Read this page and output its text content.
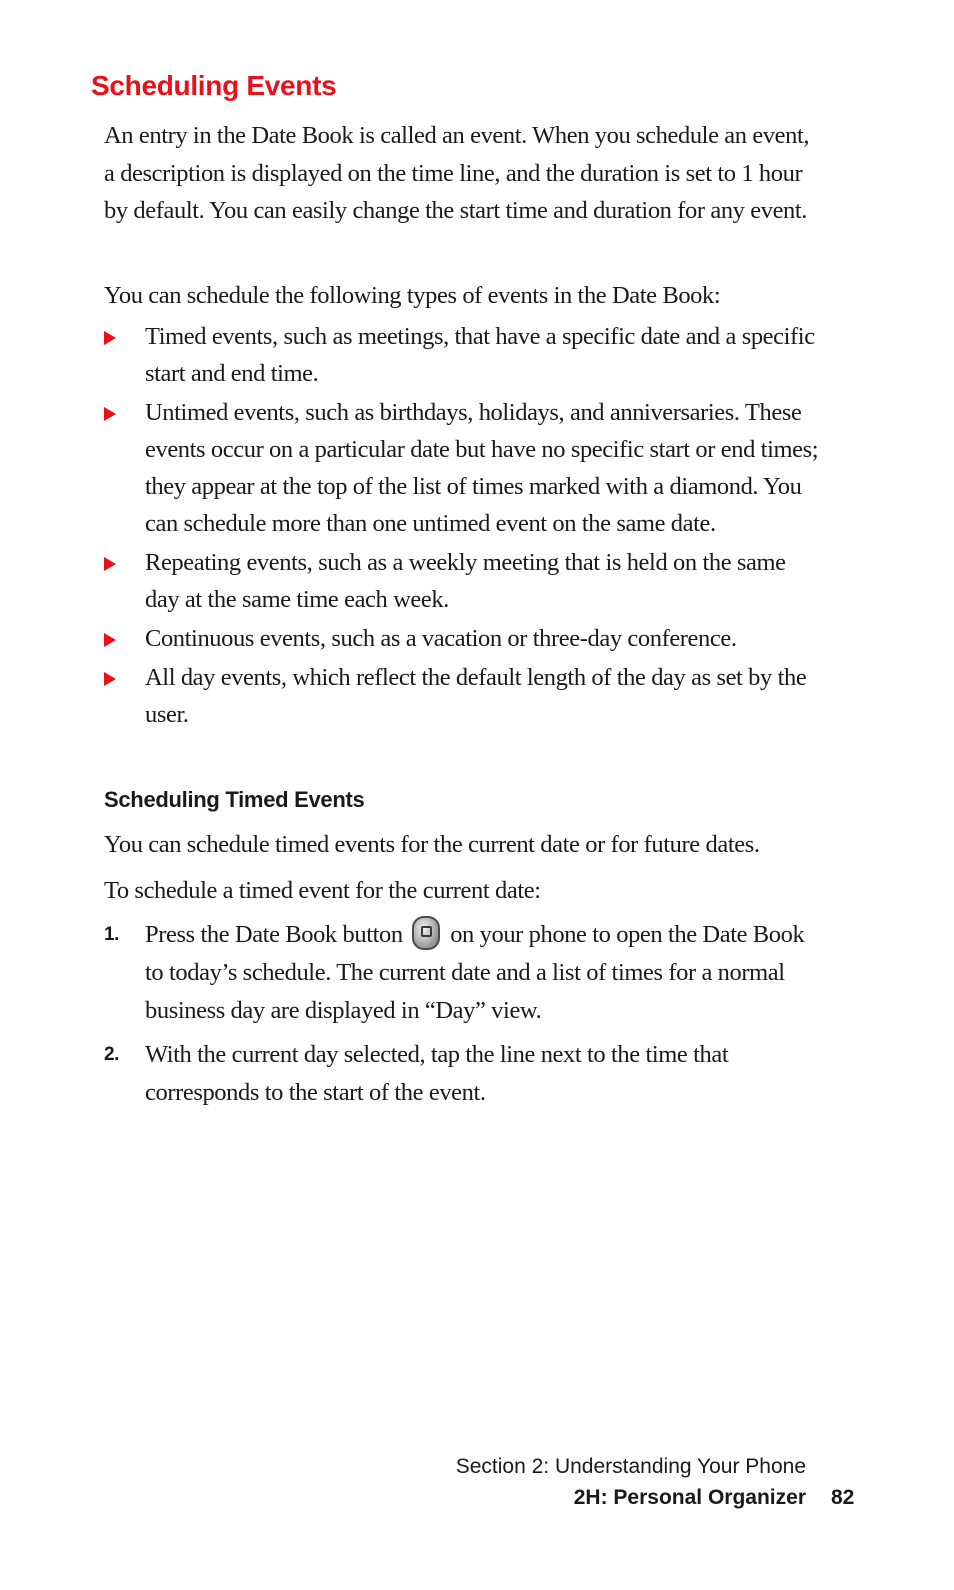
Scheduling Events

An entry in the Date Book is called an event. When you schedule an event, a description is displayed on the time line, and the duration is set to 1 hour by default. You can easily change the start time and duration for any event.

You can schedule the following types of events in the Date Book:

Timed events, such as meetings, that have a specific date and a specific start and end time.
Untimed events, such as birthdays, holidays, and anniversaries. These events occur on a particular date but have no specific start or end times; they appear at the top of the list of times marked with a diamond. You can schedule more than one untimed event on the same date.
Repeating events, such as a weekly meeting that is held on the same day at the same time each week.
Continuous events, such as a vacation or three-day conference.
All day events, which reflect the default length of the day as set by the user.
Scheduling Timed Events

You can schedule timed events for the current date or for future dates.

To schedule a timed event for the current date:

1. Press the Date Book button on your phone to open the Date Book to today’s schedule. The current date and a list of times for a normal business day are displayed in “Day” view.
2. With the current day selected, tap the line next to the time that corresponds to the start of the event.

Section 2: Understanding Your Phone

2H: Personal Organizer 82
